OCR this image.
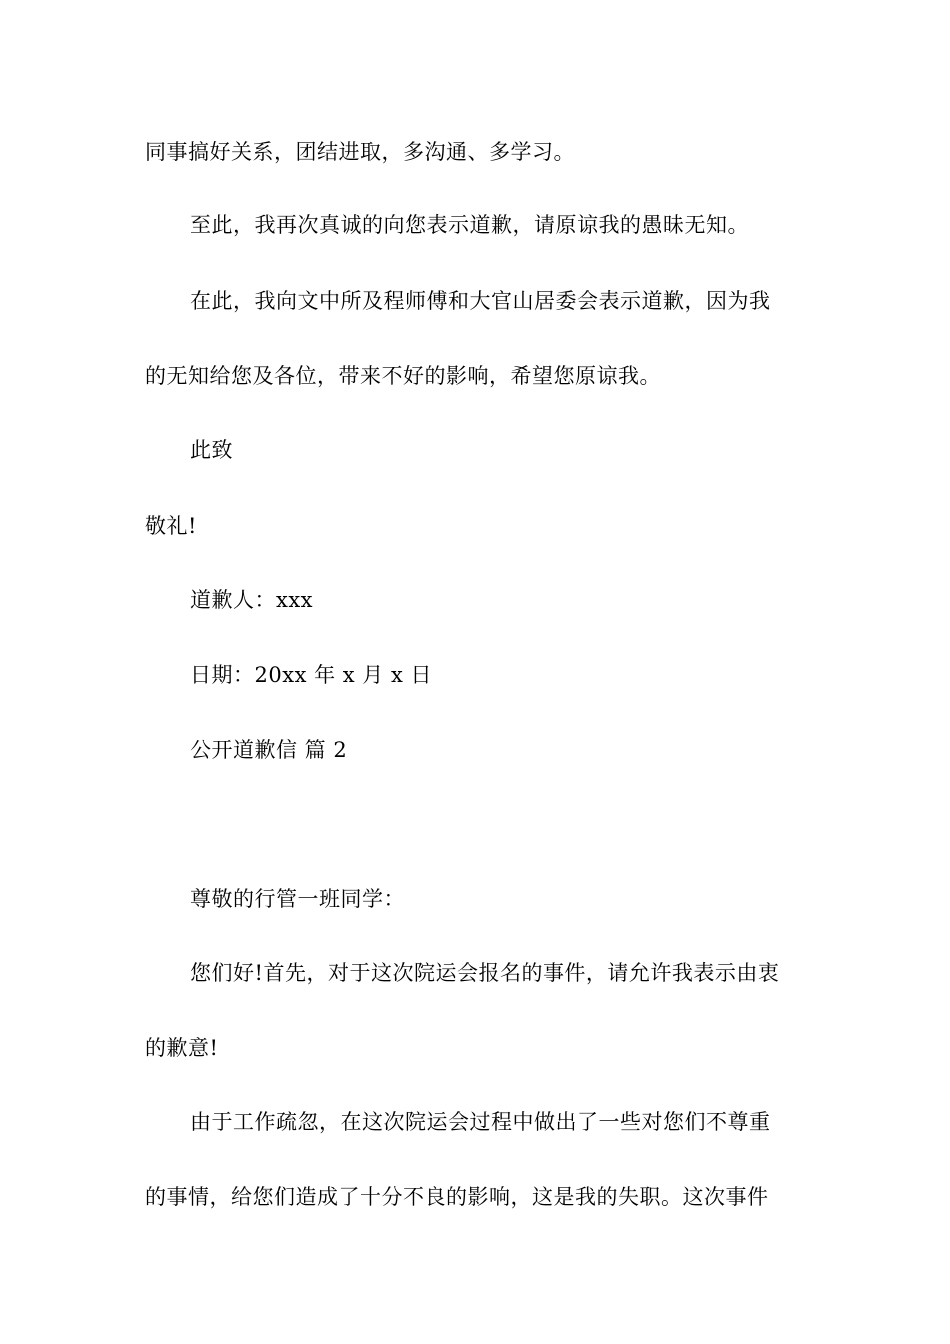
同事搞好关系，团结进取，多沟通、多学习。
至此，我再次真诚的向您表示道歉，请原谅我的愚昧无知。
在此，我向文中所及程师傅和大官山居委会表示道歉，因为我
的无知给您及各位，带来不好的影响，希望您原谅我。
此致
敬礼!
道歉人：xxx
日期：20xx 年 x 月 x 日
公开道歉信 篇 2
尊敬的行管一班同学：
您们好!首先，对于这次院运会报名的事件，请允许我表示由衷
的歉意!
由于工作疏忽，在这次院运会过程中做出了一些对您们不尊重
的事情，给您们造成了十分不良的影响，这是我的失职。这次事件
